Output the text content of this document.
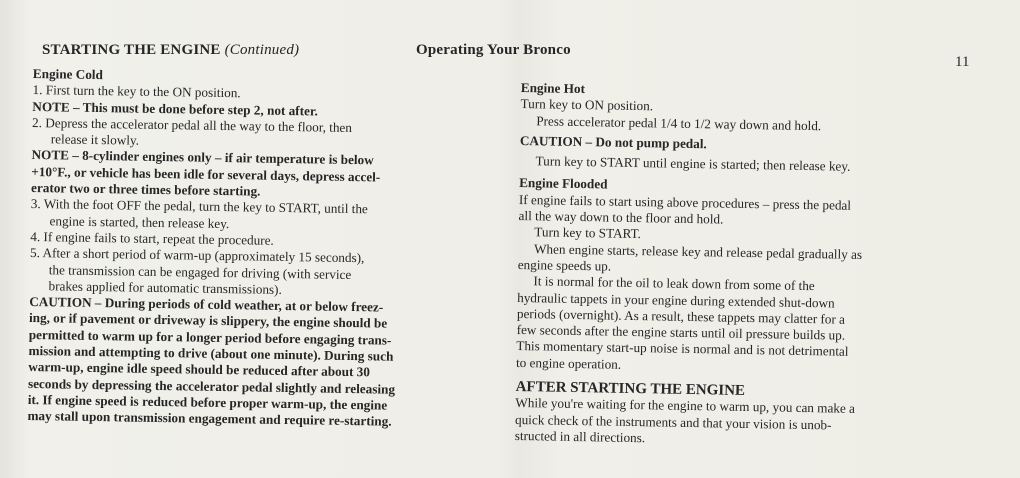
STARTING THE ENGINE (Continued)	Operating Your Bronco
11

Engine Cold

1. First turn the key to the ON position.

NOTE – This must be done before step 2, not after.

2. Depress the accelerator pedal all the way to the floor, then

release it slowly.

NOTE – 8-cylinder engines only – if air temperature is below

+10°F., or vehicle has been idle for several days, depress accel-

erator two or three times before starting.

3. With the foot OFF the pedal, turn the key to START, until the

engine is started, then release key.

4. If engine fails to start, repeat the procedure.

5. After a short period of warm-up (approximately 15 seconds),

the transmission can be engaged for driving (with service

brakes applied for automatic transmissions).

CAUTION – During periods of cold weather, at or below freez-

ing, or if pavement or driveway is slippery, the engine should be

permitted to warm up for a longer period before engaging trans-

mission and attempting to drive (about one minute). During such

warm-up, engine idle speed should be reduced after about 30

seconds by depressing the accelerator pedal slightly and releasing

it. If engine speed is reduced before proper warm-up, the engine

may stall upon transmission engagement and require re-starting.

Engine Hot

Turn key to ON position.

Press accelerator pedal 1/4 to 1/2 way down and hold.

CAUTION – Do not pump pedal.

Turn key to START until engine is started; then release key.

Engine Flooded

If engine fails to start using above procedures – press the pedal

all the way down to the floor and hold.

Turn key to START.

When engine starts, release key and release pedal gradually as

engine speeds up.

It is normal for the oil to leak down from some of the

hydraulic tappets in your engine during extended shut-down

periods (overnight). As a result, these tappets may clatter for a

few seconds after the engine starts until oil pressure builds up.

This momentary start-up noise is normal and is not detrimental

to engine operation.

AFTER STARTING THE ENGINE

While you're waiting for the engine to warm up, you can make a

quick check of the instruments and that your vision is unob-

structed in all directions.
